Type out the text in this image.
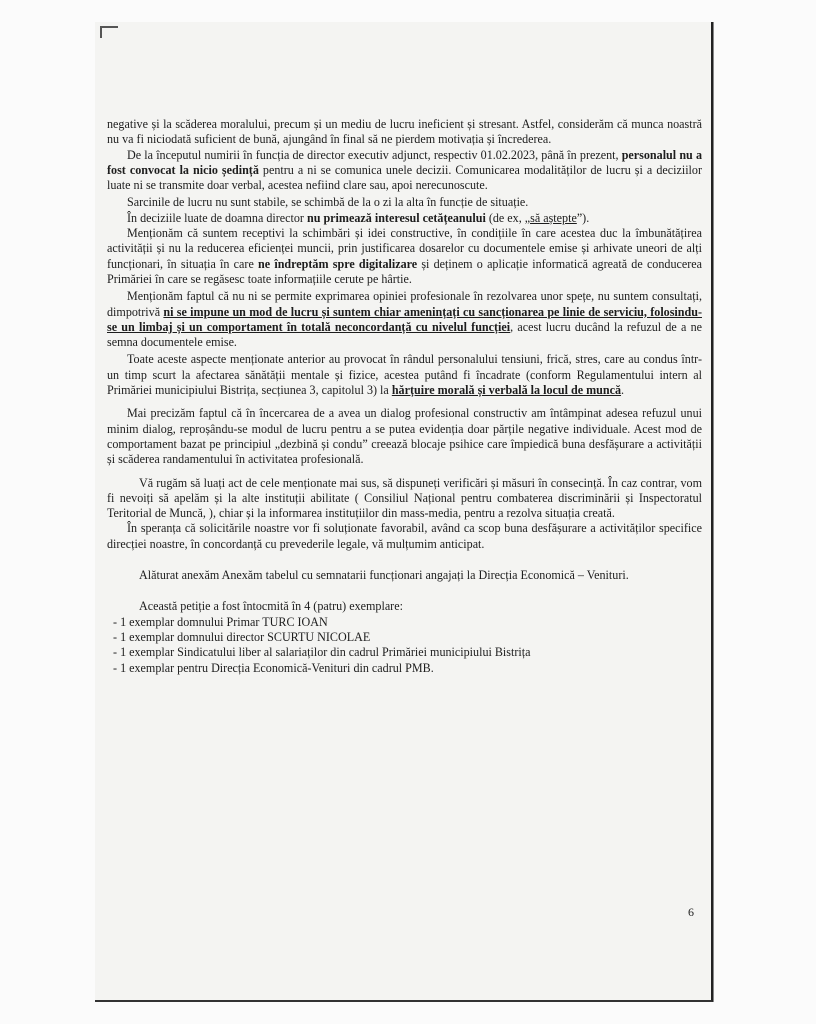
negative și la scăderea moralului, precum și un mediu de lucru ineficient și stresant. Astfel, considerăm că munca noastră nu va fi niciodată suficient de bună, ajungând în final să ne pierdem motivația și încrederea.

De la începutul numirii în funcția de director executiv adjunct, respectiv 01.02.2023, până în prezent, personalul nu a fost convocat la nicio ședință pentru a ni se comunica unele decizii. Comunicarea modalităților de lucru și a deciziilor luate ni se transmite doar verbal, acestea nefiind clare sau, apoi nerecunoscute.

Sarcinile de lucru nu sunt stabile, se schimbă de la o zi la alta în funcție de situație.

În deciziile luate de doamna director nu primează interesul cetățeanului (de ex, „să aștepte”).

Menționăm că suntem receptivi la schimbări și idei constructive, în condițiile în care acestea duc la îmbunătățirea activității și nu la reducerea eficienței muncii, prin justificarea dosarelor cu documentele emise și arhivate uneori de alți funcționari, în situația în care ne îndreptăm spre digitalizare și deținem o aplicație informatică agreată de conducerea Primăriei în care se regăsesc toate informațiile cerute pe hârtie.

Menționăm faptul că nu ni se permite exprimarea opiniei profesionale în rezolvarea unor spețe, nu suntem consultați, dimpotrivă ni se impune un mod de lucru și suntem chiar amenințați cu sancționarea pe linie de serviciu, folosindu-se un limbaj și un comportament în totală neconcordanță cu nivelul funcției, acest lucru ducând la refuzul de a ne semna documentele emise.

Toate aceste aspecte menționate anterior au provocat în rândul personalului tensiuni, frică, stres, care au condus într-un timp scurt la afectarea sănătății mentale și fizice, acestea putând fi încadrate (conform Regulamentului intern al Primăriei municipiului Bistrița, secțiunea 3, capitolul 3) la hărțuire morală și verbală la locul de muncă.

Mai precizăm faptul că în încercarea de a avea un dialog profesional constructiv am întâmpinat adesea refuzul unui minim dialog, reproșându-se modul de lucru pentru a se putea evidenția doar părțile negative individuale. Acest mod de comportament bazat pe principiul „dezbină și condu” creează blocaje psihice care împiedică buna desfășurare a activității și scăderea randamentului în activitatea profesională.

Vă rugăm să luați act de cele menționate mai sus, să dispuneți verificări și măsuri în consecință. În caz contrar, vom fi nevoiți să apelăm și la alte instituții abilitate ( Consiliul Național pentru combaterea discriminării și Inspectoratul Teritorial de Muncă, ), chiar și la informarea instituțiilor din mass-media, pentru a rezolva situația creată.

În speranța că solicitările noastre vor fi soluționate favorabil, având ca scop buna desfășurare a activităților specifice direcției noastre, în concordanță cu prevederile legale, vă mulțumim anticipat.

Alăturat anexăm Anexăm tabelul cu semnatarii funcționari angajați la Direcția Economică – Venituri.

Această petiție a fost întocmită în 4 (patru) exemplare:

- 1 exemplar domnului Primar TURC IOAN
- 1 exemplar domnului director SCURTU NICOLAE
- 1 exemplar Sindicatului liber al salariaților din cadrul Primăriei municipiului Bistrița
- 1 exemplar pentru Direcția Economică-Venituri din cadrul PMB.
6
